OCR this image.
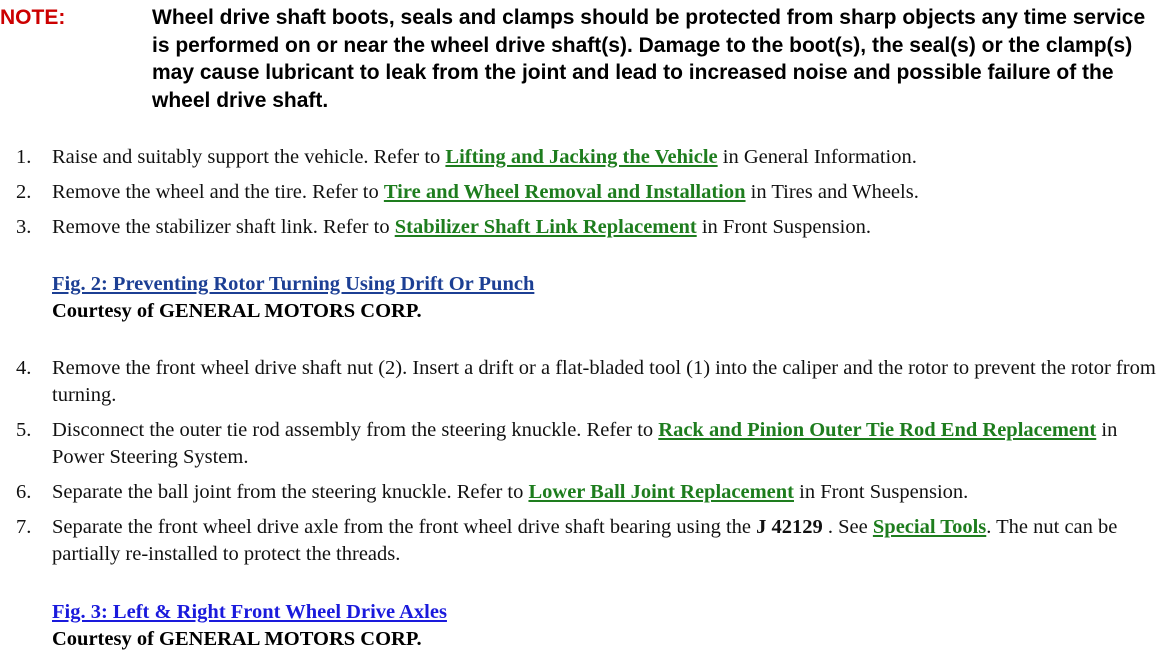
NOTE:	Wheel drive shaft boots, seals and clamps should be protected from sharp objects any time service is performed on or near the wheel drive shaft(s). Damage to the boot(s), the seal(s) or the clamp(s) may cause lubricant to leak from the joint and lead to increased noise and possible failure of the wheel drive shaft.
1. Raise and suitably support the vehicle. Refer to Lifting and Jacking the Vehicle in General Information.
2. Remove the wheel and the tire. Refer to Tire and Wheel Removal and Installation in Tires and Wheels.
3. Remove the stabilizer shaft link. Refer to Stabilizer Shaft Link Replacement in Front Suspension.
Fig. 2: Preventing Rotor Turning Using Drift Or Punch
Courtesy of GENERAL MOTORS CORP.
4. Remove the front wheel drive shaft nut (2). Insert a drift or a flat-bladed tool (1) into the caliper and the rotor to prevent the rotor from turning.
5. Disconnect the outer tie rod assembly from the steering knuckle. Refer to Rack and Pinion Outer Tie Rod End Replacement in Power Steering System.
6. Separate the ball joint from the steering knuckle. Refer to Lower Ball Joint Replacement in Front Suspension.
7. Separate the front wheel drive axle from the front wheel drive shaft bearing using the J 42129 . See Special Tools. The nut can be partially re-installed to protect the threads.
Fig. 3: Left & Right Front Wheel Drive Axles
Courtesy of GENERAL MOTORS CORP.
